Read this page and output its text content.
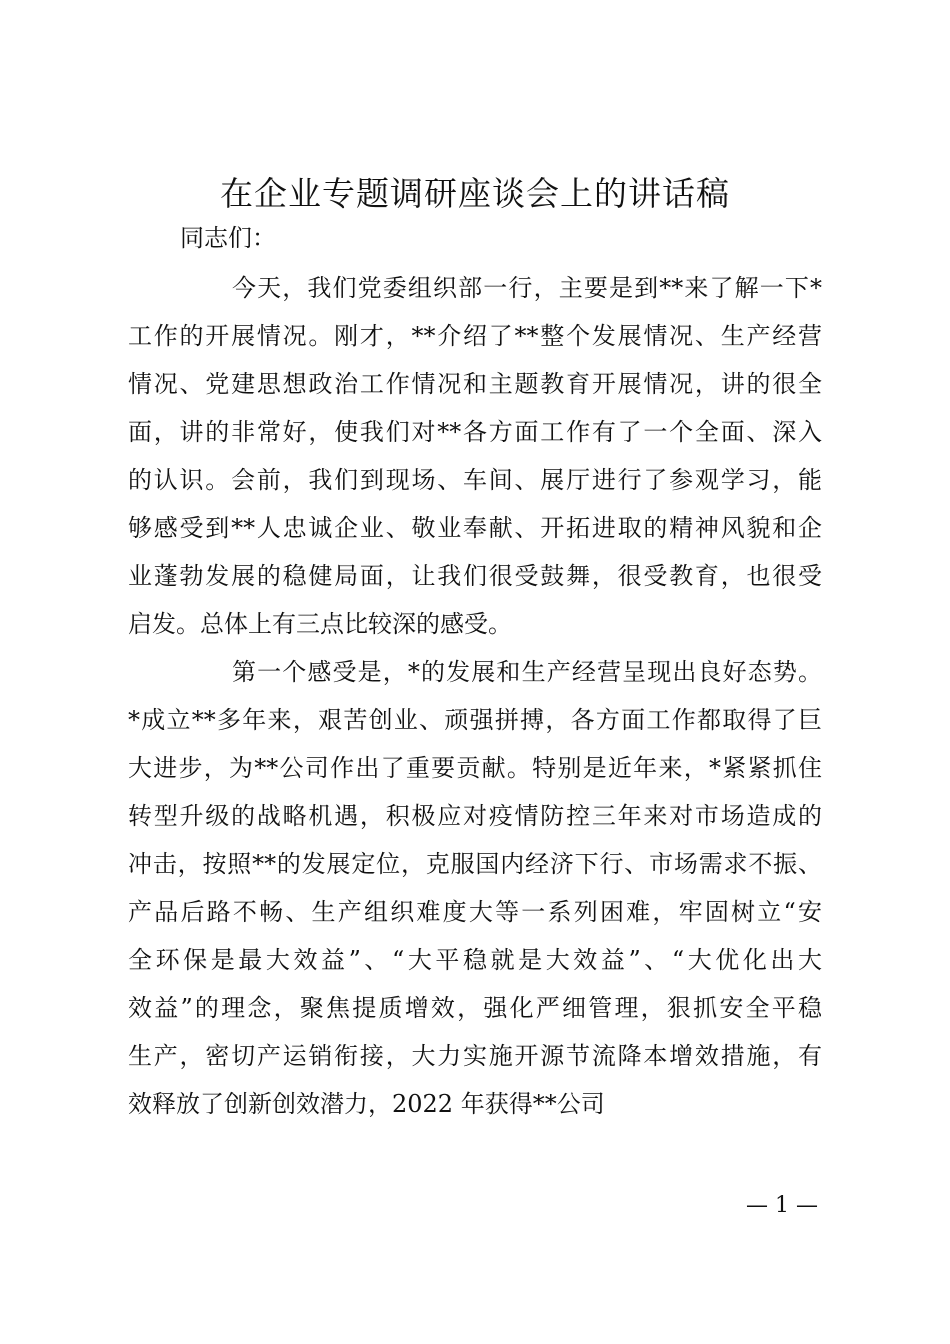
在企业专题调研座谈会上的讲话稿
同志们：
今天，我们党委组织部一行，主要是到**来了解一下*
工作的开展情况。刚才，**介绍了**整个发展情况、生产经营
情况、党建思想政治工作情况和主题教育开展情况，讲的很全
面，讲的非常好，使我们对**各方面工作有了一个全面、深入
的认识。会前，我们到现场、车间、展厅进行了参观学习，能
够感受到**人忠诚企业、敬业奉献、开拓进取的精神风貌和企
业蓬勃发展的稳健局面，让我们很受鼓舞，很受教育，也很受
启发。总体上有三点比较深的感受。
第一个感受是，*的发展和生产经营呈现出良好态势。
*成立**多年来，艰苦创业、顽强拼搏，各方面工作都取得了巨
大进步，为**公司作出了重要贡献。特别是近年来，*紧紧抓住
转型升级的战略机遇，积极应对疫情防控三年来对市场造成的
冲击，按照**的发展定位，克服国内经济下行、市场需求不振、
产品后路不畅、生产组织难度大等一系列困难，牢固树立“安
全环保是最大效益”、“大平稳就是大效益”、“大优化出大
效益”的理念，聚焦提质增效，强化严细管理，狠抓安全平稳
生产，密切产运销衔接，大力实施开源节流降本增效措施，有
效释放了创新创效潜力，2022 年获得**公司
— 1 —
